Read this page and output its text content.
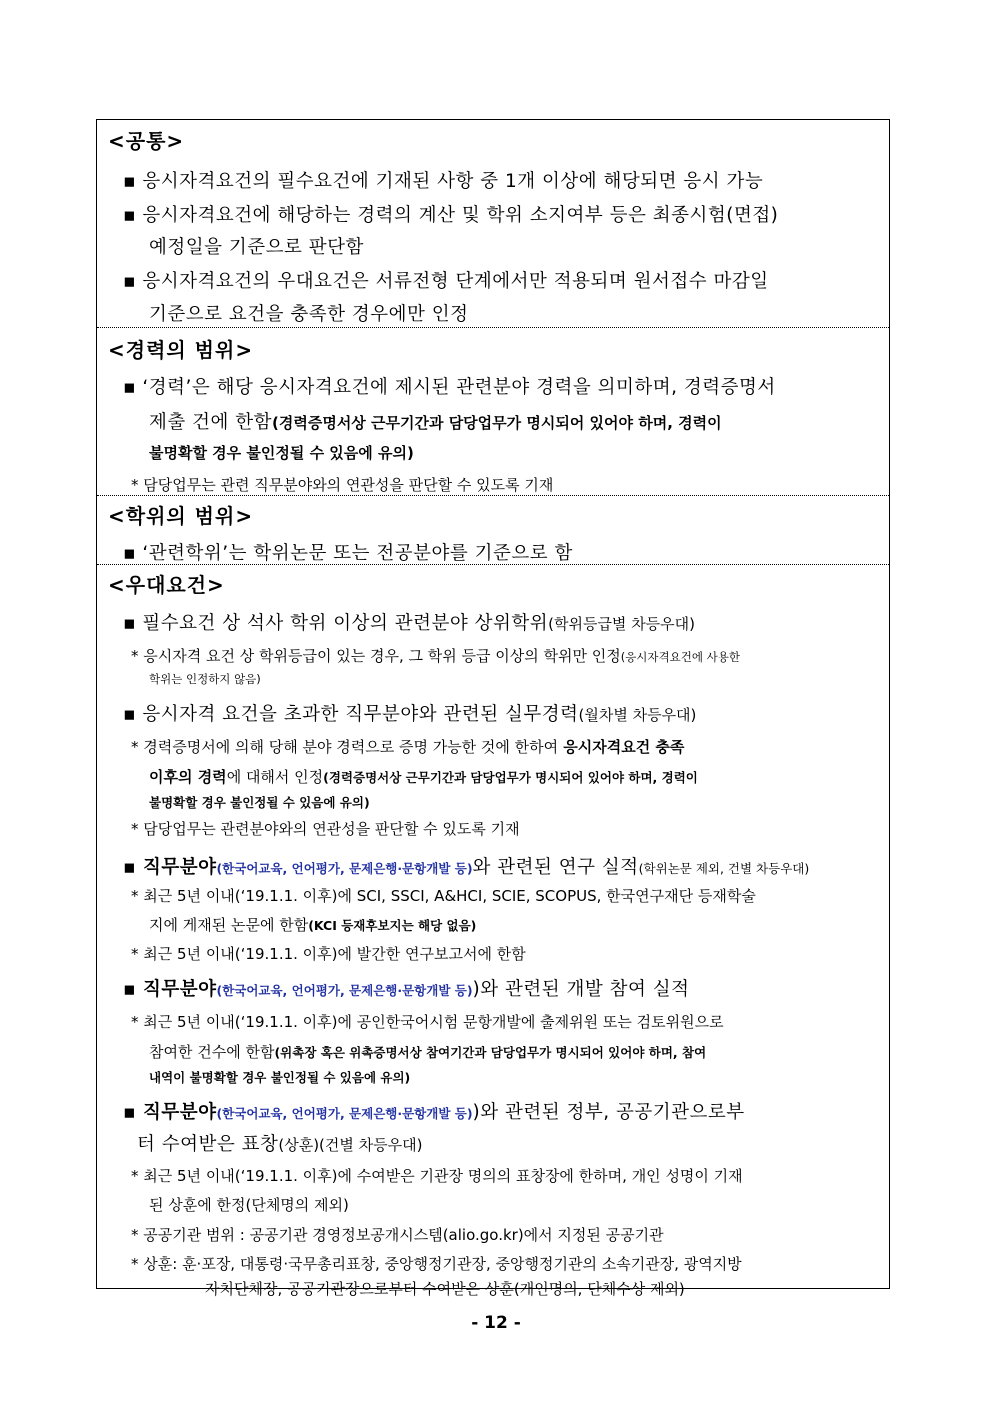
<공통>
▪ 응시자격요건의 필수요건에 기재된 사항 중 1개 이상에 해당되면 응시 가능
▪ 응시자격요건에 해당하는 경력의 계산 및 학위 소지여부 등은 최종시험(면접)
예정일을 기준으로 판단함
▪ 응시자격요건의 우대요건은 서류전형 단계에서만 적용되며 원서접수 마감일
기준으로 요건을 충족한 경우에만 인정
<경력의 범위>
▪ ‘경력’은 해당 응시자격요건에 제시된 관련분야 경력을 의미하며, 경력증명서
제출 건에 한함(경력증명서상 근무기간과 담당업무가 명시되어 있어야 하며, 경력이
불명확할 경우 불인정될 수 있음에 유의)
* 담당업무는 관련 직무분야와의 연관성을 판단할 수 있도록 기재
<학위의 범위>
▪ ‘관련학위’는 학위논문 또는 전공분야를 기준으로 함
<우대요건>
▪ 필수요건 상 석사 학위 이상의 관련분야 상위학위(학위등급별 차등우대)
* 응시자격 요건 상 학위등급이 있는 경우, 그 학위 등급 이상의 학위만 인정(응시자격요건에 사용한
학위는 인정하지 않음)
▪ 응시자격 요건을 초과한 직무분야와 관련된 실무경력(월차별 차등우대)
* 경력증명서에 의해 당해 분야 경력으로 증명 가능한 것에 한하여 응시자격요건 충족
이후의 경력에 대해서 인정(경력증명서상 근무기간과 담당업무가 명시되어 있어야 하며, 경력이
불명확할 경우 불인정될 수 있음에 유의)
* 담당업무는 관련분야와의 연관성을 판단할 수 있도록 기재
▪ 직무분야(한국어교육, 언어평가, 문제은행·문항개발 등)와 관련된 연구 실적(학위논문 제외, 건별 차등우대)
* 최근 5년 이내(‘19.1.1. 이후)에 SCI, SSCI, A&HCI, SCIE, SCOPUS, 한국연구재단 등재학술
지에 게재된 논문에 한함(KCI 등재후보지는 해당 없음)
* 최근 5년 이내(‘19.1.1. 이후)에 발간한 연구보고서에 한함
▪ 직무분야(한국어교육, 언어평가, 문제은행·문항개발 등))와 관련된 개발 참여 실적
* 최근 5년 이내(‘19.1.1. 이후)에 공인한국어시험 문항개발에 출제위원 또는 검토위원으로
참여한 건수에 한함(위촉장 혹은 위촉증명서상 참여기간과 담당업무가 명시되어 있어야 하며, 참여
내역이 불명확할 경우 불인정될 수 있음에 유의)
▪ 직무분야(한국어교육, 언어평가, 문제은행·문항개발 등))와 관련된 정부, 공공기관으로부
터 수여받은 표창(상훈)(건별 차등우대)
* 최근 5년 이내(‘19.1.1. 이후)에 수여받은 기관장 명의의 표창장에 한하며, 개인 성명이 기재
된 상훈에 한정(단체명의 제외)
* 공공기관 범위 : 공공기관 경영정보공개시스템(alio.go.kr)에서 지정된 공공기관
* 상훈: 훈·포장, 대통령·국무총리표창, 중앙행정기관장, 중앙행정기관의 소속기관장, 광역지방
자치단체장, 공공기관장으로부터 수여받은 상훈(개인명의, 단체수상 제외)
- 12 -
